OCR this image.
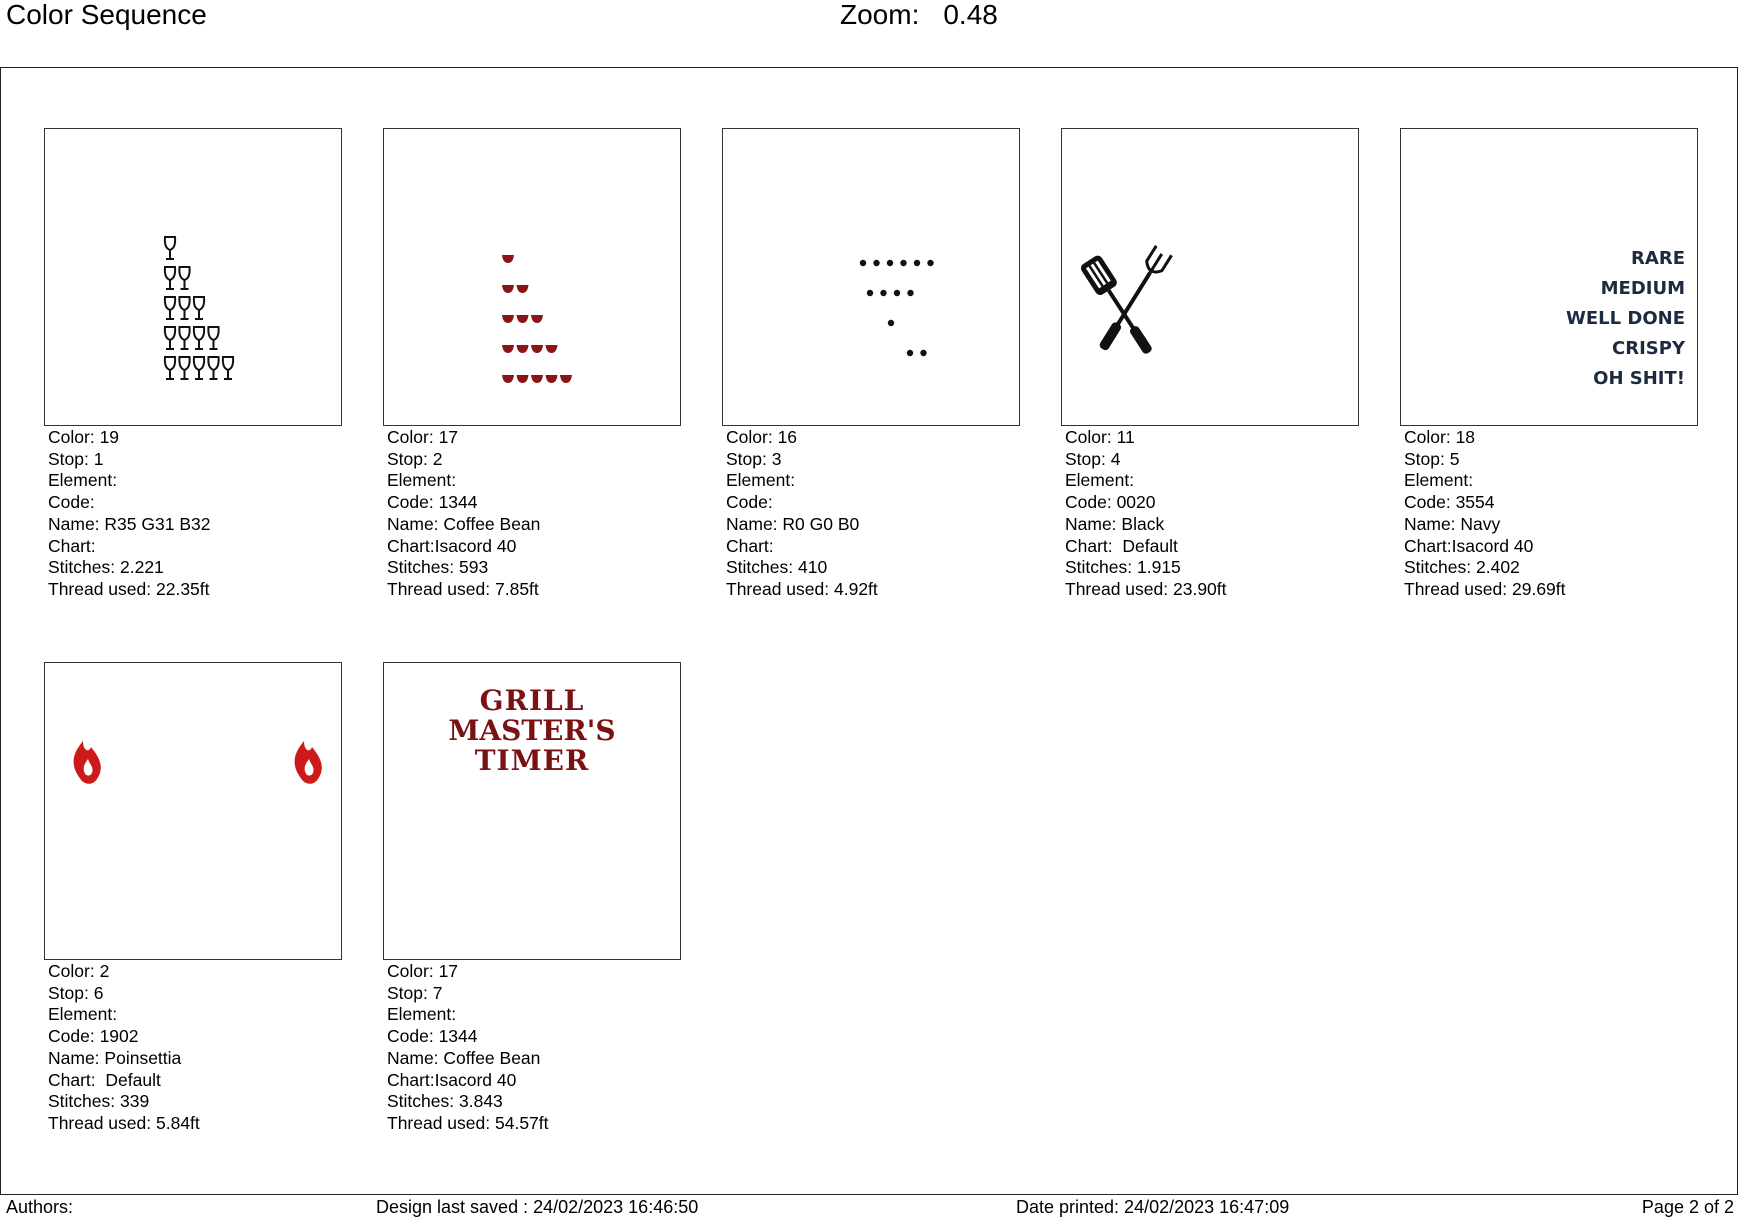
Color Sequence	Zoom: 0.48
Color: 19
Stop: 1
Element:
Code:
Name: R35 G31 B32
Chart:
Stitches: 2.221
Thread used: 22.35ft
Color: 17
Stop: 2
Element:
Code: 1344
Name: Coffee Bean
Chart:Isacord 40
Stitches: 593
Thread used: 7.85ft
Color: 16
Stop: 3
Element:
Code:
Name: R0 G0 B0
Chart:
Stitches: 410
Thread used: 4.92ft
Color: 11
Stop: 4
Element:
Code: 0020
Name: Black
Chart:  Default
Stitches: 1.915
Thread used: 23.90ft
RARE
MEDIUM
WELL DONE
CRISPY
OH SHIT!
Color: 18
Stop: 5
Element:
Code: 3554
Name: Navy
Chart:Isacord 40
Stitches: 2.402
Thread used: 29.69ft
Color: 2
Stop: 6
Element:
Code: 1902
Name: Poinsettia
Chart:  Default
Stitches: 339
Thread used: 5.84ft
GRILL
MASTER'S
TIMER
Color: 17
Stop: 7
Element:
Code: 1344
Name: Coffee Bean
Chart:Isacord 40
Stitches: 3.843
Thread used: 54.57ft
Authors:	Design last saved : 24/02/2023 16:46:50	Date printed: 24/02/2023 16:47:09	Page 2 of 2
